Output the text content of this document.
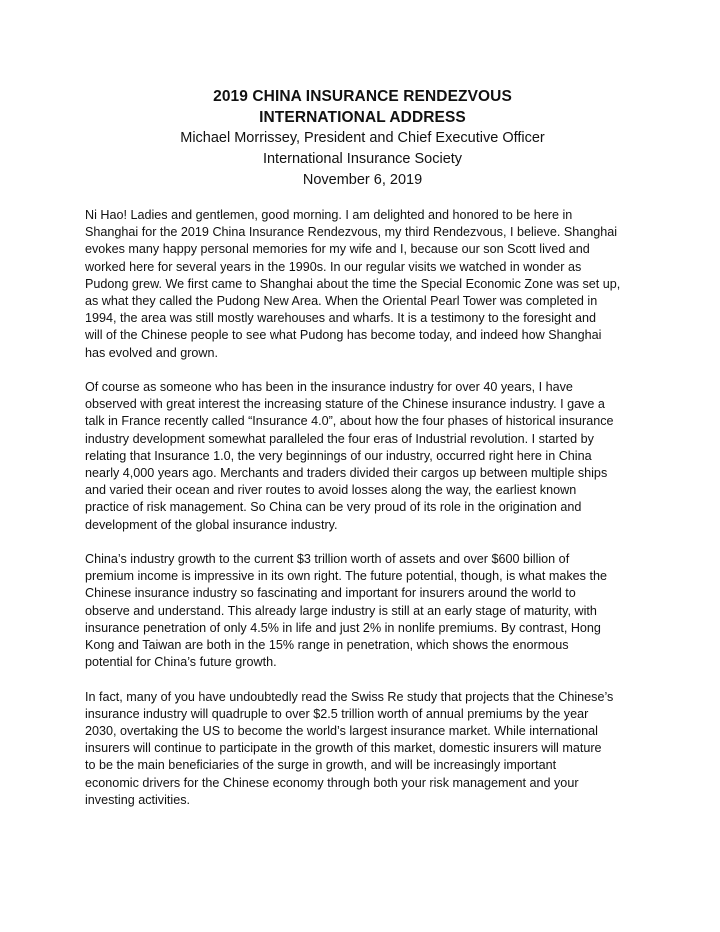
2019 CHINA INSURANCE RENDEZVOUS
INTERNATIONAL ADDRESS
Michael Morrissey, President and Chief Executive Officer
International Insurance Society
November 6, 2019
Ni Hao! Ladies and gentlemen, good morning. I am delighted and honored to be here in
Shanghai for the 2019 China Insurance Rendezvous, my third Rendezvous, I believe. Shanghai
evokes many happy personal memories for my wife and I, because our son Scott lived and
worked here for several years in the 1990s. In our regular visits we watched in wonder as
Pudong grew. We first came to Shanghai about the time the Special Economic Zone was set up,
as what they called the Pudong New Area. When the Oriental Pearl Tower was completed in
1994, the area was still mostly warehouses and wharfs. It is a testimony to the foresight and
will of the Chinese people to see what Pudong has become today, and indeed how Shanghai
has evolved and grown.
Of course as someone who has been in the insurance industry for over 40 years, I have
observed with great interest the increasing stature of the Chinese insurance industry. I gave a
talk in France recently called “Insurance 4.0”, about how the four phases of historical insurance
industry development somewhat paralleled the four eras of Industrial revolution. I started by
relating that Insurance 1.0, the very beginnings of our industry, occurred right here in China
nearly 4,000 years ago. Merchants and traders divided their cargos up between multiple ships
and varied their ocean and river routes to avoid losses along the way, the earliest known
practice of risk management. So China can be very proud of its role in the origination and
development of the global insurance industry.
China’s industry growth to the current $3 trillion worth of assets and over $600 billion of
premium income is impressive in its own right. The future potential, though, is what makes the
Chinese insurance industry so fascinating and important for insurers around the world to
observe and understand. This already large industry is still at an early stage of maturity, with
insurance penetration of only 4.5% in life and just 2% in nonlife premiums. By contrast, Hong
Kong and Taiwan are both in the 15% range in penetration, which shows the enormous
potential for China’s future growth.
In fact, many of you have undoubtedly read the Swiss Re study that projects that the Chinese’s
insurance industry will quadruple to over $2.5 trillion worth of annual premiums by the year
2030, overtaking the US to become the world’s largest insurance market. While international
insurers will continue to participate in the growth of this market, domestic insurers will mature
to be the main beneficiaries of the surge in growth, and will be increasingly important
economic drivers for the Chinese economy through both your risk management and your
investing activities.
